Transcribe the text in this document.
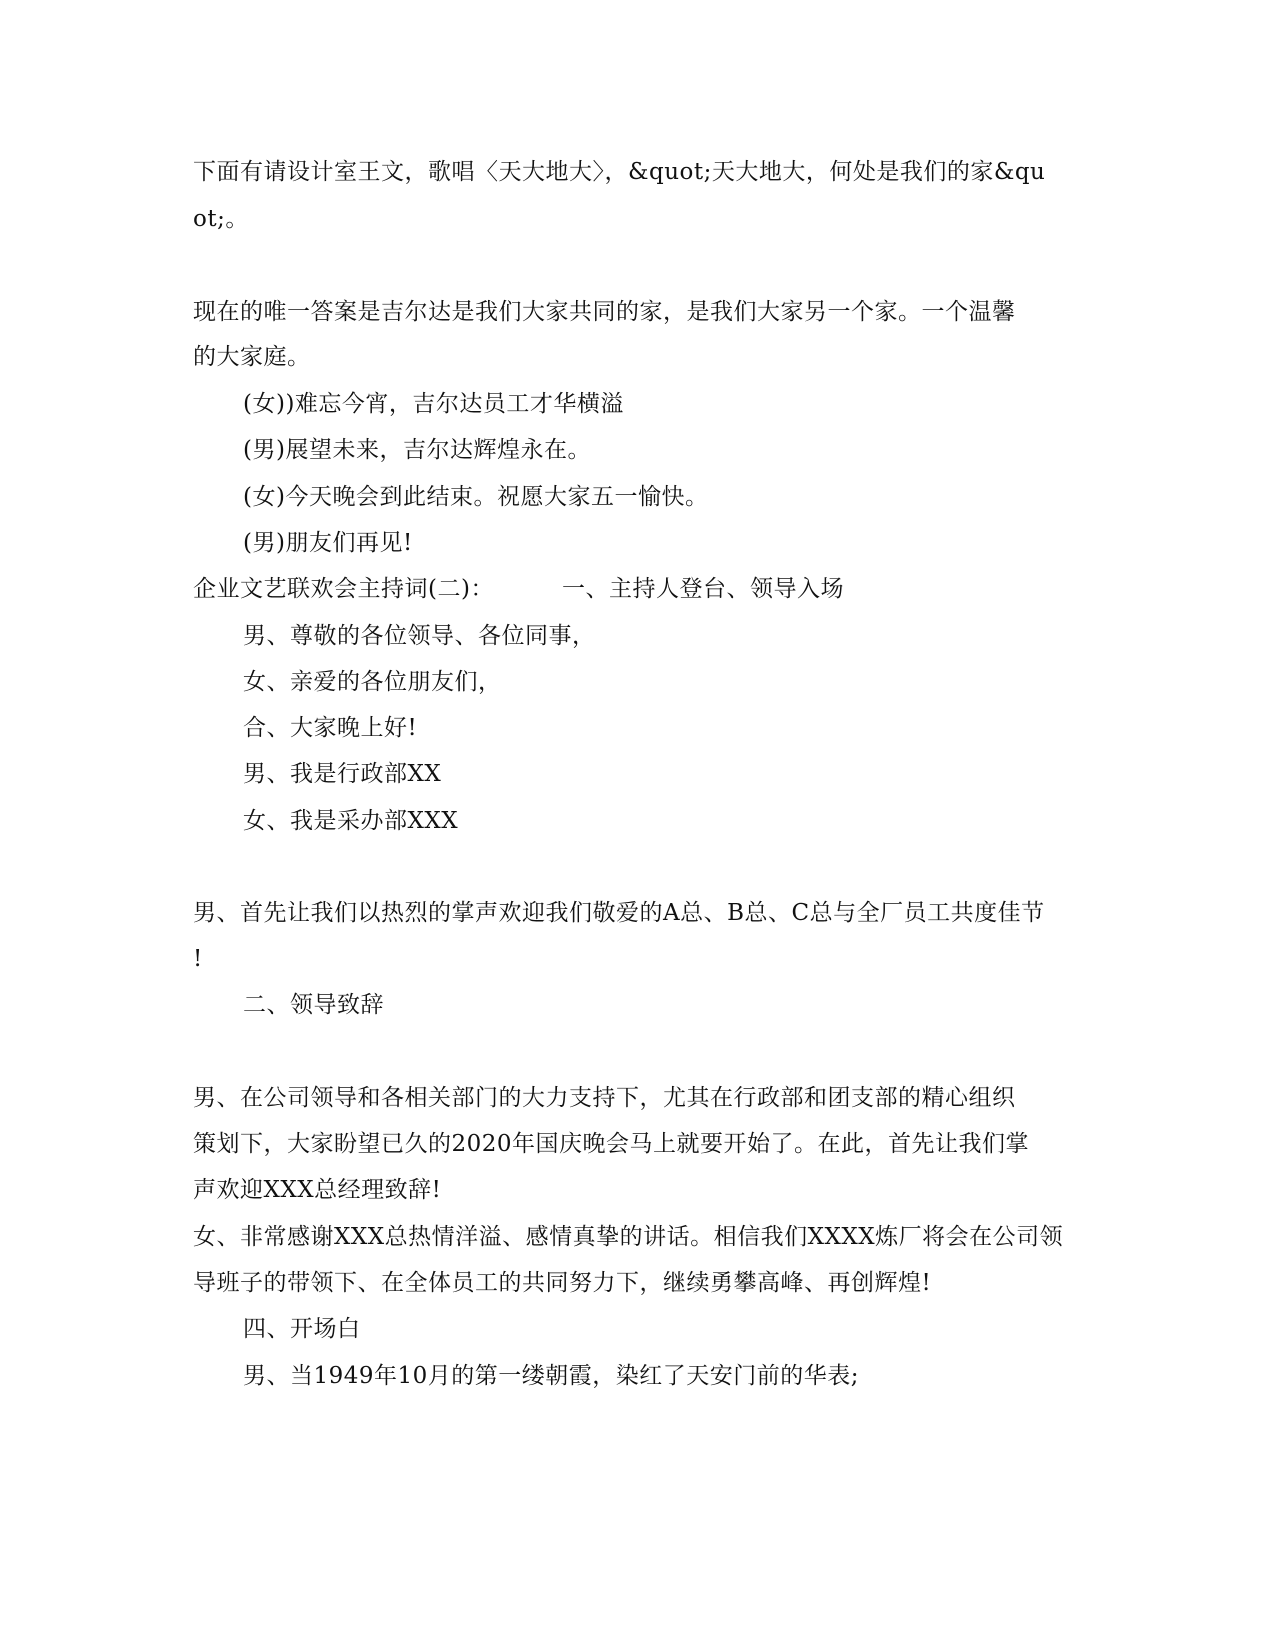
下面有请设计室王文，歌唱〈天大地大〉，&quot;天大地大，何处是我们的家&qu
ot;。
现在的唯一答案是吉尔达是我们大家共同的家，是我们大家另一个家。一个温馨
的大家庭。
(女))难忘今宵，吉尔达员工才华横溢
(男)展望未来，吉尔达辉煌永在。
(女)今天晚会到此结束。祝愿大家五一愉快。
(男)朋友们再见!
企业文艺联欢会主持词(二)：	一、主持人登台、领导入场
男、尊敬的各位领导、各位同事，
女、亲爱的各位朋友们，
合、大家晚上好!
男、我是行政部XX
女、我是采办部XXX
男、首先让我们以热烈的掌声欢迎我们敬爱的A总、B总、C总与全厂员工共度佳节
!
二、领导致辞
男、在公司领导和各相关部门的大力支持下，尤其在行政部和团支部的精心组织
策划下，大家盼望已久的2020年国庆晚会马上就要开始了。在此，首先让我们掌
声欢迎XXX总经理致辞!
女、非常感谢XXX总热情洋溢、感情真挚的讲话。相信我们XXXX炼厂将会在公司领
导班子的带领下、在全体员工的共同努力下，继续勇攀高峰、再创辉煌!
四、开场白
男、当1949年10月的第一缕朝霞，染红了天安门前的华表;
